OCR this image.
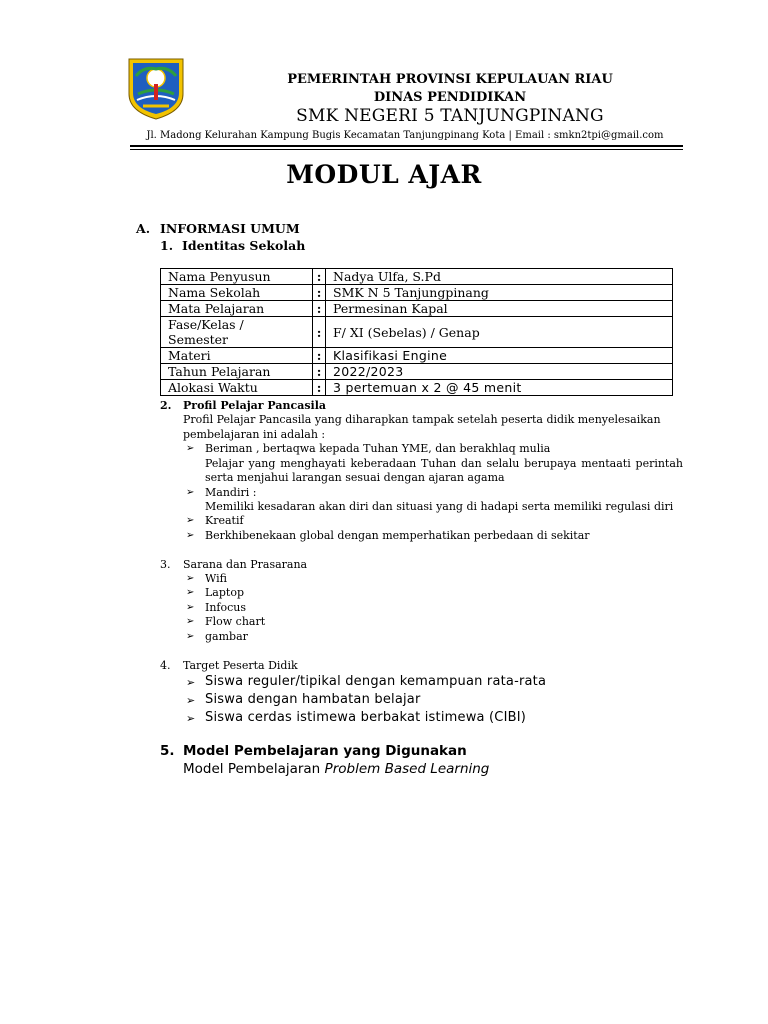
PEMERINTAH PROVINSI KEPULAUAN RIAU
DINAS PENDIDIKAN
SMK NEGERI 5 TANJUNGPINANG
Jl. Madong Kelurahan Kampung Bugis Kecamatan Tanjungpinang Kota | Email : smkn2tpi@gmail.com
MODUL AJAR
A. INFORMASI UMUM
1. Identitas Sekolah
Nama Penyusun	:	Nadya Ulfa, S.Pd
Nama Sekolah	:	SMK N 5 Tanjungpinang
Mata Pelajaran	:	Permesinan Kapal
Fase/Kelas / Semester	:	F/ XI (Sebelas) / Genap
Materi	:	Klasifikasi Engine
Tahun Pelajaran	:	2022/2023
Alokasi Waktu	:	3 pertemuan x 2 @ 45 menit
2. Profil Pelajar Pancasila
Profil Pelajar Pancasila yang diharapkan tampak setelah peserta didik menyelesaikan
pembelajaran ini adalah :
➢ Beriman , bertaqwa kepada Tuhan YME, dan berakhlaq mulia
Pelajar yang menghayati keberadaan Tuhan dan selalu berupaya mentaati perintah
serta menjahui larangan sesuai dengan ajaran agama
➢ Mandiri :
Memiliki kesadaran akan diri dan situasi yang di hadapi serta memiliki regulasi diri
➢ Kreatif
➢ Berkhibenekaan global dengan memperhatikan perbedaan di sekitar
3. Sarana dan Prasarana
➢ Wifi
➢ Laptop
➢ Infocus
➢ Flow chart
➢ gambar
4. Target Peserta Didik
➢ Siswa reguler/tipikal dengan kemampuan rata-rata
➢ Siswa dengan hambatan belajar
➢ Siswa cerdas istimewa berbakat istimewa (CIBI)
5. Model Pembelajaran yang Digunakan
Model Pembelajaran Problem Based Learning
